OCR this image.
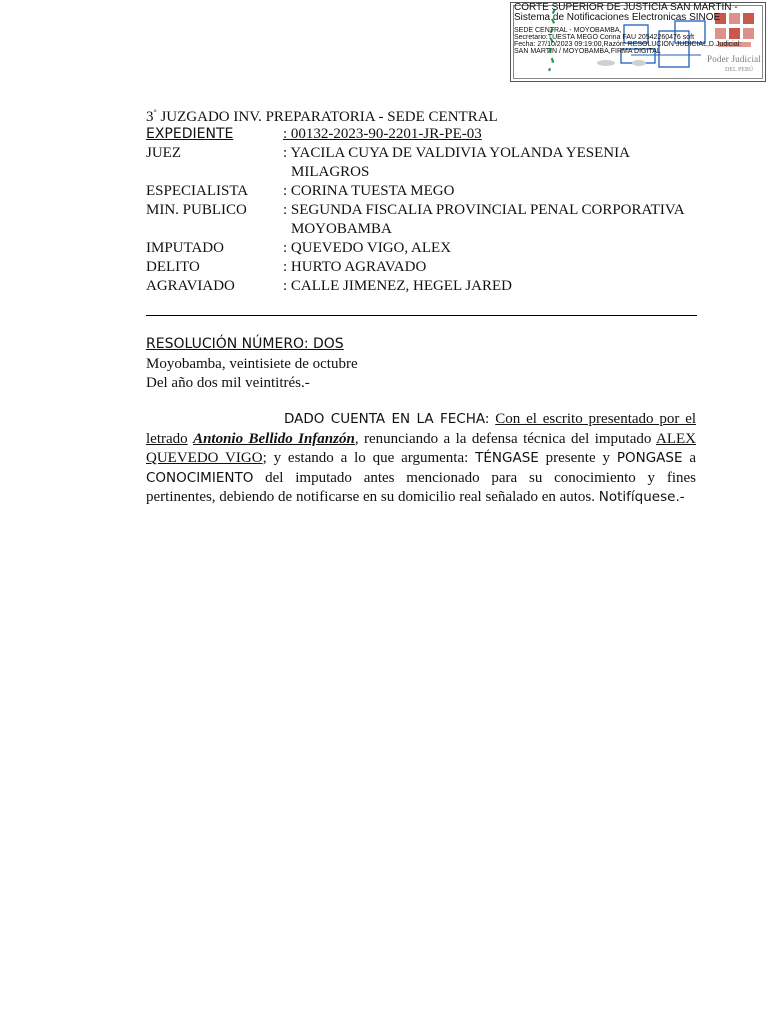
CORTE SUPERIOR DE JUSTICIA SAN MARTIN -
Sistema de Notificaciones Electronicas SINOE
SEDE CENTRAL - MOYOBAMBA,
Secretario:TUESTA MEGO Corina FAU 20542260476 soft
Fecha: 27/10/2023 09:19:00,Razón: RESOLUCIÓN JUDICIAL,D.Judicial:
SAN MARTIN / MOYOBAMBA,FIRMA DIGITAL
Poder Judicial
DEL PERÚ
3° JUZGADO INV. PREPARATORIA - SEDE CENTRAL
EXPEDIENTE	: 00132-2023-90-2201-JR-PE-03
JUEZ	: YACILA CUYA DE VALDIVIA YOLANDA YESENIA
MILAGROS
ESPECIALISTA : CORINA TUESTA MEGO
MIN. PUBLICO : SEGUNDA FISCALIA PROVINCIAL PENAL CORPORATIVA
MOYOBAMBA
IMPUTADO	: QUEVEDO VIGO, ALEX
DELITO	: HURTO AGRAVADO
AGRAVIADO	: CALLE JIMENEZ, HEGEL JARED
RESOLUCIÓN NÚMERO: DOS
Moyobamba, veintisiete de octubre
Del año dos mil veintitrés.-
DADO CUENTA EN LA FECHA: Con el escrito presentado por el letrado Antonio Bellido Infanzón, renunciando a la defensa técnica del imputado ALEX QUEVEDO VIGO; y estando a lo que argumenta: TÉNGASE presente y PONGASE a CONOCIMIENTO del imputado antes mencionado para su conocimiento y fines pertinentes, debiendo de notificarse en su domicilio real señalado en autos. Notifíquese.-
